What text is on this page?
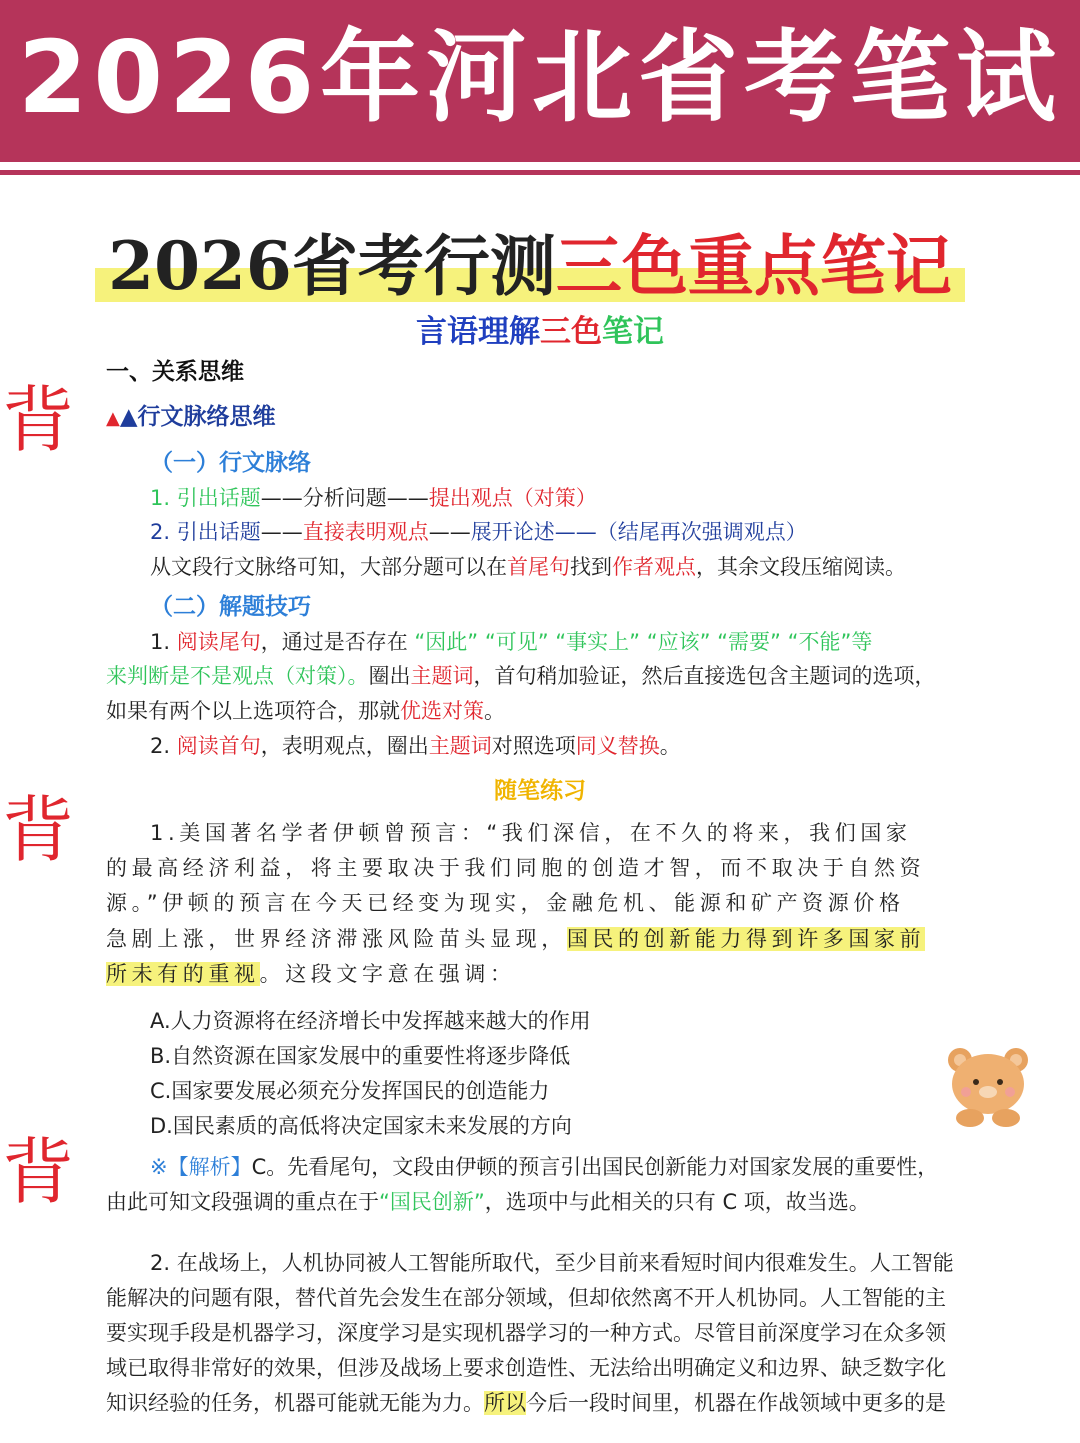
2026年河北省考笔试
2026省考行测三色重点笔记
言语理解三色笔记
背
背
背
一、关系思维
▲▲行文脉络思维
（一）行文脉络
1. 引出话题——分析问题——提出观点（对策）
2. 引出话题——直接表明观点——展开论述——（结尾再次强调观点）
从文段行文脉络可知，大部分题可以在首尾句找到作者观点，其余文段压缩阅读。
（二）解题技巧
1. 阅读尾句，通过是否存在 “因此” “可见” “事实上” “应该” “需要” “不能”等
来判断是不是观点（对策）。圈出主题词，首句稍加验证，然后直接选包含主题词的选项，
如果有两个以上选项符合，那就优选对策。
2. 阅读首句，表明观点，圈出主题词对照选项同义替换。
随笔练习
1.美国著名学者伊顿曾预言：“我们深信，在不久的将来，我们国家
的最高经济利益，将主要取决于我们同胞的创造才智，而不取决于自然资
源。”伊顿的预言在今天已经变为现实，金融危机、能源和矿产资源价格
急剧上涨，世界经济滞涨风险苗头显现，国民的创新能力得到许多国家前
所未有的重视。这段文字意在强调：
A.人力资源将在经济增长中发挥越来越大的作用
B.自然资源在国家发展中的重要性将逐步降低
C.国家要发展必须充分发挥国民的创造能力
D.国民素质的高低将决定国家未来发展的方向
※【解析】C。先看尾句，文段由伊顿的预言引出国民创新能力对国家发展的重要性，
由此可知文段强调的重点在于“国民创新”，选项中与此相关的只有 C 项，故当选。
2. 在战场上，人机协同被人工智能所取代，至少目前来看短时间内很难发生。人工智能
能解决的问题有限，替代首先会发生在部分领域，但却依然离不开人机协同。人工智能的主
要实现手段是机器学习，深度学习是实现机器学习的一种方式。尽管目前深度学习在众多领
域已取得非常好的效果，但涉及战场上要求创造性、无法给出明确定义和边界、缺乏数字化
知识经验的任务，机器可能就无能为力。所以今后一段时间里，机器在作战领域中更多的是
